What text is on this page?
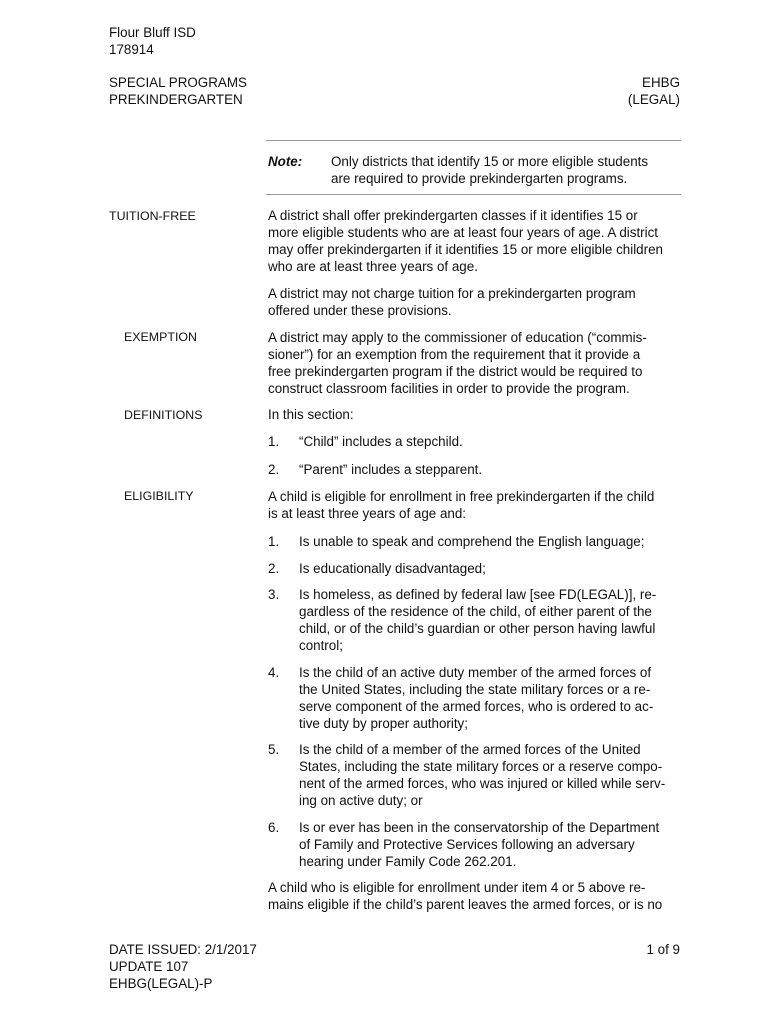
Flour Bluff ISD
178914
SPECIAL PROGRAMS
PREKINDERGARTEN
EHBG
(LEGAL)
Note: Only districts that identify 15 or more eligible students
are required to provide prekindergarten programs.
TUITION-FREE
EXEMPTION
DEFINITIONS
ELIGIBILITY
A district shall offer prekindergarten classes if it identifies 15 or
more eligible students who are at least four years of age. A district
may offer prekindergarten if it identifies 15 or more eligible children
who are at least three years of age.
A district may not charge tuition for a prekindergarten program
offered under these provisions.
A district may apply to the commissioner of education (“commis-
sioner”) for an exemption from the requirement that it provide a
free prekindergarten program if the district would be required to
construct classroom facilities in order to provide the program.
In this section:
1. “Child” includes a stepchild.
2. “Parent” includes a stepparent.
A child is eligible for enrollment in free prekindergarten if the child
is at least three years of age and:
1. Is unable to speak and comprehend the English language;
2. Is educationally disadvantaged;
3. Is homeless, as defined by federal law [see FD(LEGAL)], re-
gardless of the residence of the child, of either parent of the
child, or of the child’s guardian or other person having lawful
control;
4. Is the child of an active duty member of the armed forces of
the United States, including the state military forces or a re-
serve component of the armed forces, who is ordered to ac-
tive duty by proper authority;
5. Is the child of a member of the armed forces of the United
States, including the state military forces or a reserve compo-
nent of the armed forces, who was injured or killed while serv-
ing on active duty; or
6. Is or ever has been in the conservatorship of the Department
of Family and Protective Services following an adversary
hearing under Family Code 262.201.
A child who is eligible for enrollment under item 4 or 5 above re-
mains eligible if the child’s parent leaves the armed forces, or is no
DATE ISSUED: 2/1/2017
UPDATE 107
EHBG(LEGAL)-P
1 of 9
